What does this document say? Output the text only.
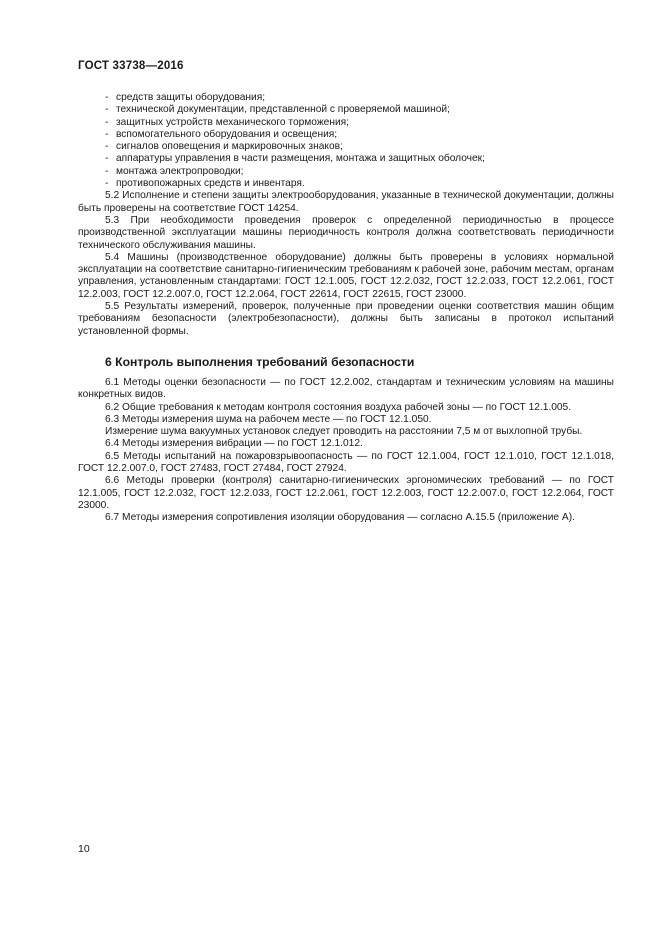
ГОСТ 33738—2016
- средств защиты оборудования;
- технической документации, представленной с проверяемой машиной;
- защитных устройств механического торможения;
- вспомогательного оборудования и освещения;
- сигналов оповещения и маркировочных знаков;
- аппаратуры управления в части размещения, монтажа и защитных оболочек;
- монтажа электропроводки;
- противопожарных средств и инвентаря.
5.2 Исполнение и степени защиты электрооборудования, указанные в технической документации, должны быть проверены на соответствие ГОСТ 14254.
5.3 При необходимости проведения проверок с определенной периодичностью в процессе производственной эксплуатации машины периодичность контроля должна соответствовать периодичности технического обслуживания машины.
5.4 Машины (производственное оборудование) должны быть проверены в условиях нормальной эксплуатации на соответствие санитарно-гигиеническим требованиям к рабочей зоне, рабочим местам, органам управления, установленным стандартами: ГОСТ 12.1.005, ГОСТ 12.2.032, ГОСТ 12.2.033, ГОСТ 12.2.061, ГОСТ 12.2.003, ГОСТ 12.2.007.0, ГОСТ 12.2.064, ГОСТ 22614, ГОСТ 22615, ГОСТ 23000.
5.5 Результаты измерений, проверок, полученные при проведении оценки соответствия машин общим требованиям безопасности (электробезопасности), должны быть записаны в протокол испытаний установленной формы.
6 Контроль выполнения требований безопасности
6.1 Методы оценки безопасности — по ГОСТ 12.2.002, стандартам и техническим условиям на машины конкретных видов.
6.2 Общие требования к методам контроля состояния воздуха рабочей зоны — по ГОСТ 12.1.005.
6.3 Методы измерения шума на рабочем месте — по ГОСТ 12.1.050.
Измерение шума вакуумных установок следует проводить на расстоянии 7,5 м от выхлопной трубы.
6.4 Методы измерения вибрации — по ГОСТ 12.1.012.
6.5 Методы испытаний на пожаровзрывоопасность — по ГОСТ 12.1.004, ГОСТ 12.1.010, ГОСТ 12.1.018, ГОСТ 12.2.007.0, ГОСТ 27483, ГОСТ 27484, ГОСТ 27924.
6.6 Методы проверки (контроля) санитарно-гигиенических эргономических требований — по ГОСТ 12.1.005, ГОСТ 12.2.032, ГОСТ 12.2.033, ГОСТ 12.2.061, ГОСТ 12.2.003, ГОСТ 12.2.007.0, ГОСТ 12.2.064, ГОСТ 23000.
6.7 Методы измерения сопротивления изоляции оборудования — согласно А.15.5 (приложение А).
10
